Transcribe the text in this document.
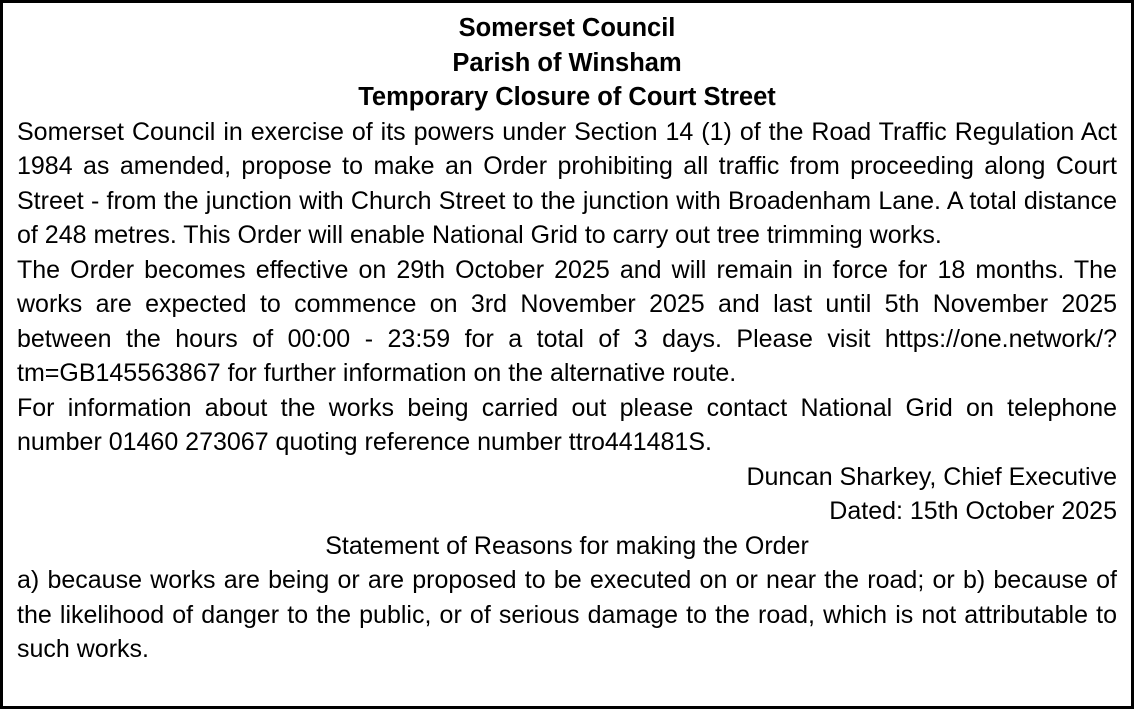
Somerset Council
Parish of Winsham
Temporary Closure of Court Street

Somerset Council in exercise of its powers under Section 14 (1) of the Road Traffic Regulation Act 1984 as amended, propose to make an Order prohibiting all traffic from proceeding along Court Street - from the junction with Church Street to the junction with Broadenham Lane. A total distance of 248 metres. This Order will enable National Grid to carry out tree trimming works.

The Order becomes effective on 29th October 2025 and will remain in force for 18 months. The works are expected to commence on 3rd November 2025 and last until 5th November 2025 between the hours of 00:00 - 23:59 for a total of 3 days. Please visit https://one.network/?tm=GB145563867 for further information on the alternative route.

For information about the works being carried out please contact National Grid on telephone number 01460 273067 quoting reference number ttro441481S.

Duncan Sharkey, Chief Executive
Dated: 15th October 2025
Statement of Reasons for making the Order

a) because works are being or are proposed to be executed on or near the road; or b) because of the likelihood of danger to the public, or of serious damage to the road, which is not attributable to such works.
